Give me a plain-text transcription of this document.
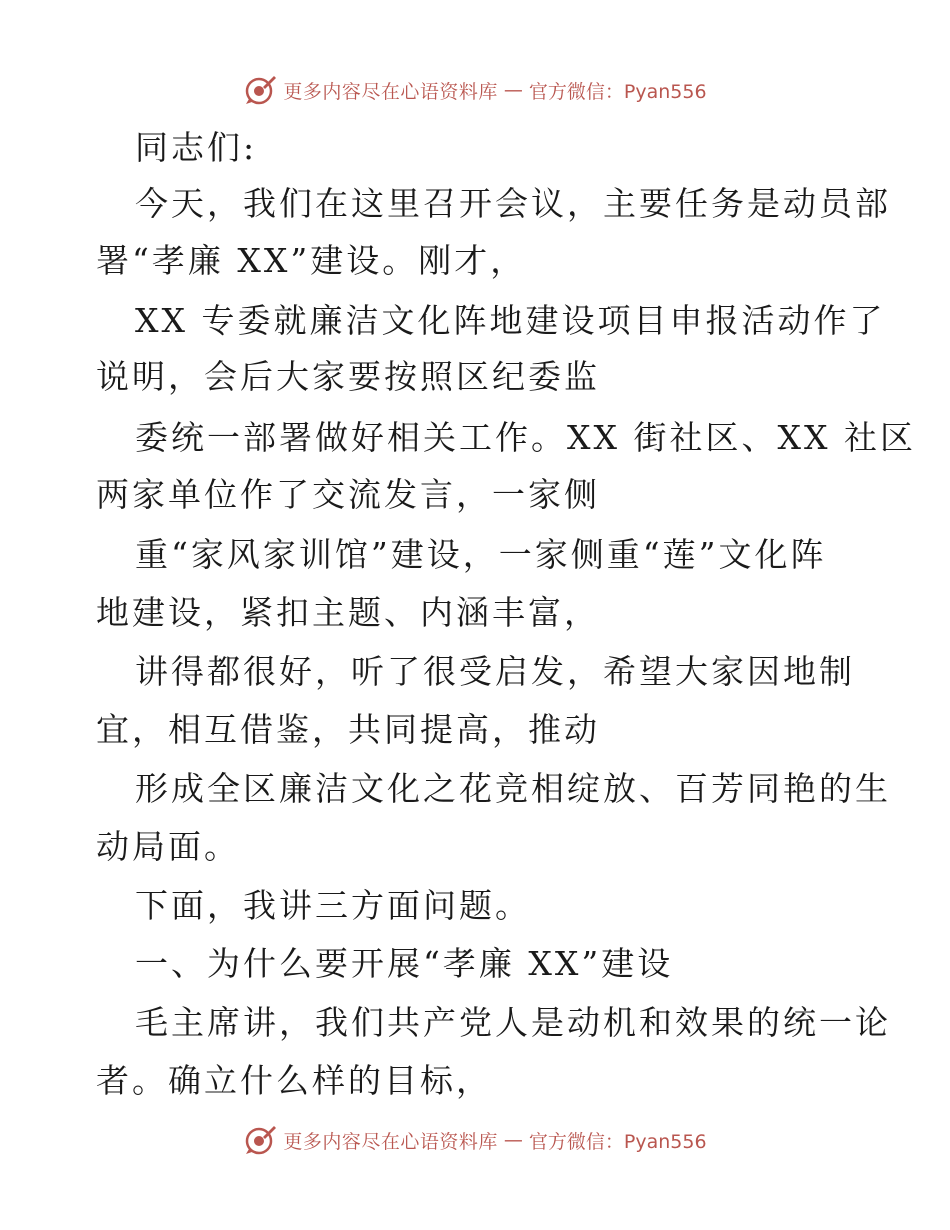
更多内容尽在心语资料库 — 官方微信：Pyan556
同志们:
今天，我们在这里召开会议，主要任务是动员部
署“孝廉 XX”建设。刚才，
XX 专委就廉洁文化阵地建设项目申报活动作了
说明，会后大家要按照区纪委监
委统一部署做好相关工作。XX 街社区、XX 社区
两家单位作了交流发言，一家侧
重“家风家训馆”建设，一家侧重“莲”文化阵
地建设，紧扣主题、内涵丰富，
讲得都很好，听了很受启发，希望大家因地制
宜，相互借鉴，共同提高，推动
形成全区廉洁文化之花竞相绽放、百芳同艳的生
动局面。
下面，我讲三方面问题。
一、为什么要开展“孝廉 XX”建设
毛主席讲，我们共产党人是动机和效果的统一论
者。确立什么样的目标，
更多内容尽在心语资料库 — 官方微信：Pyan556
